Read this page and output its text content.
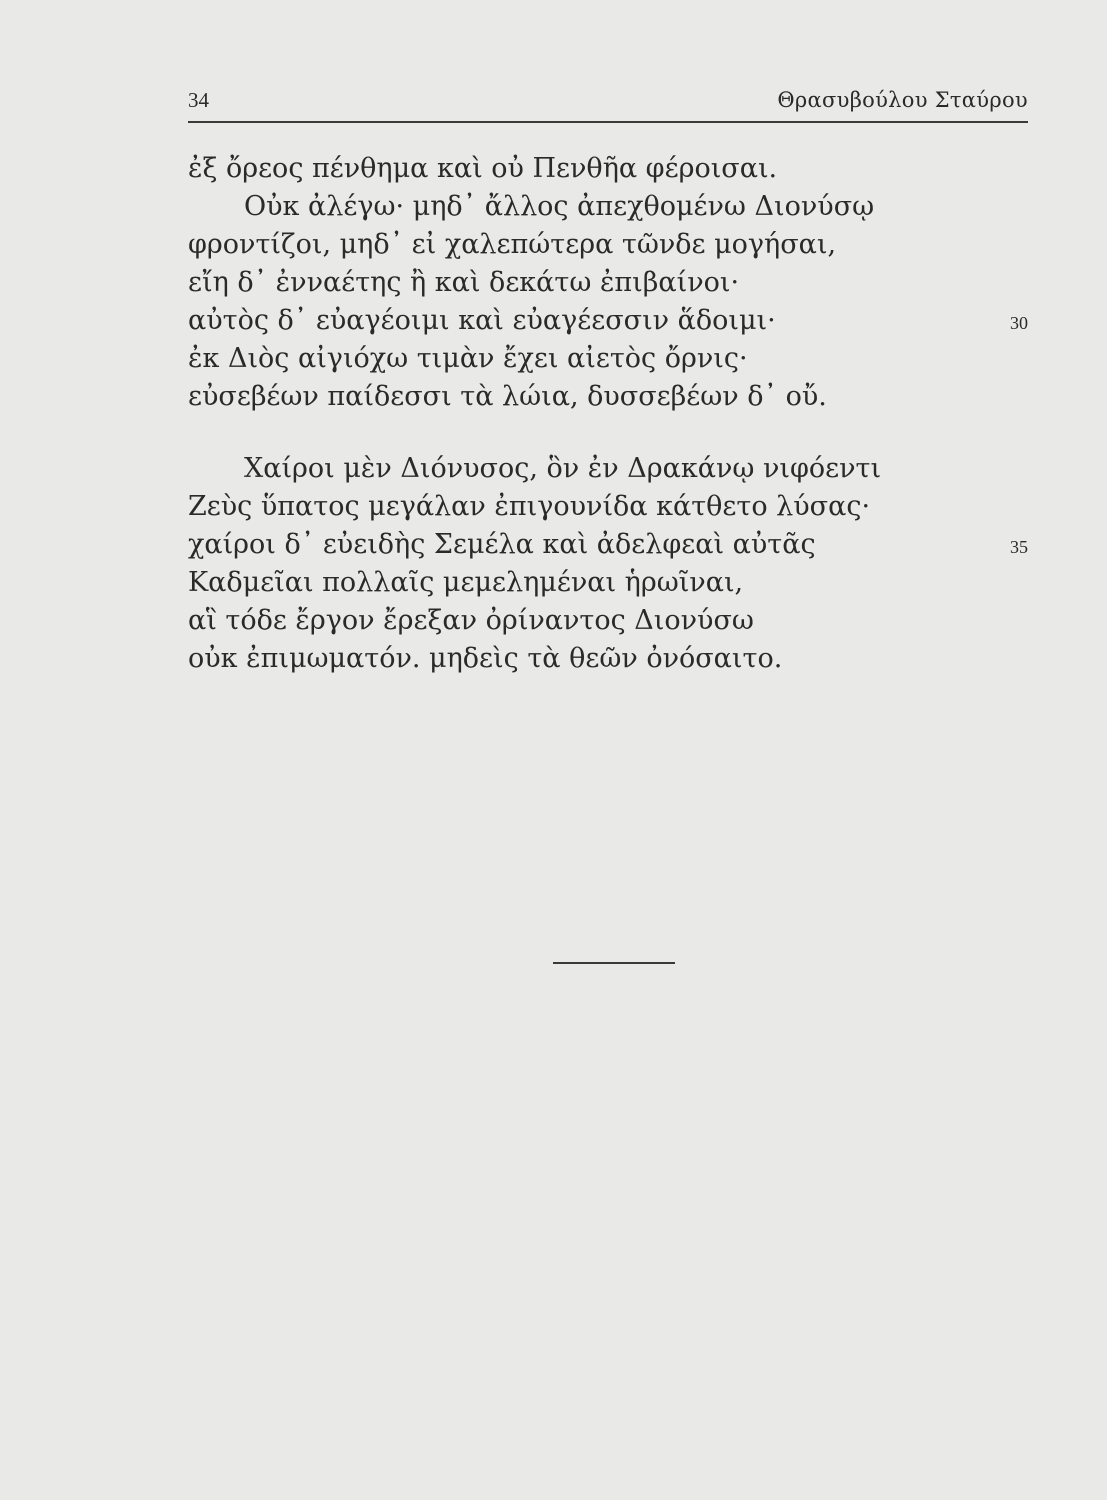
34	Θρασυβούλου Σταύρου
ἐξ ὄρεος πένθημα καὶ οὐ Πενθῆα φέροισαι.
Οὐκ ἀλέγω· μηδ᾽ ἄλλος ἀπεχθομένω Διονύσῳ
φροντίζοι, μηδ᾽ εἰ χαλεπώτερα τῶνδε μογήσαι,
εἴη δ᾽ ἐνναέτης ἢ καὶ δεκάτω ἐπιβαίνοι·
αὐτὸς δ᾽ εὐαγέοιμι καὶ εὐαγέεσσιν ἅδοιμι·	30
ἐκ Διὸς αἰγιόχω τιμὰν ἔχει αἰετὸς ὄρνις·
εὐσεβέων παίδεσσι τὰ λώια, δυσσεβέων δ᾽ οὔ.
Χαίροι μὲν Διόνυσος, ὃν ἐν Δρακάνῳ νιφόεντι
Ζεὺς ὕπατος μεγάλαν ἐπιγουνίδα κάτθετο λύσας·
χαίροι δ᾽ εὐειδὴς Σεμέλα καὶ ἀδελφεαὶ αὐτᾶς	35
Καδμεῖαι πολλαῖς μεμελημέναι ἡρωῖναι,
αἳ τόδε ἔργον ἔρεξαν ὀρίναντος Διονύσω
οὐκ ἐπιμωματόν. μηδεὶς τὰ θεῶν ὀνόσαιτο.
